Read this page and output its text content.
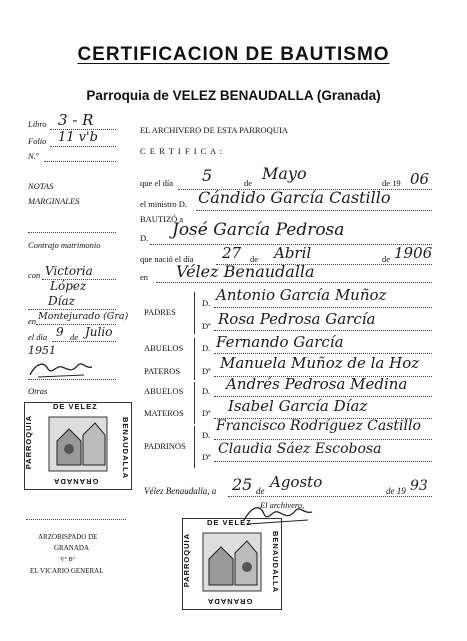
CERTIFICACION DE BAUTISMO
Parroquia de VELEZ BENAUDALLA (Granada)
Libro 3 - R
Folio 11 v'b
N.º
NOTAS
MARGINALES
Contrajo matrimonio
con Victoria
López
Díaz
en Montejurado (Gra)
el día 9 de Julio
1951
Otras
DE VELEZ
BENAUDALLA
PARROQUIA
GRANADA
ARZOBISPADO DE
GRANADA
Vº Bº
EL VICARIO GENERAL
EL ARCHIVERO DE ESTA PARROQUIA
C E R T I F I C A :
que el día 5	de Mayo	de 19 06
el ministro D. Cándido García Castillo
BAUTIZÓ a
D. José García Pedrosa
que nació el día 27 de Abril	de 1906
en Vélez Benaudalla
PADRES
D. Antonio García Muñoz
Dª Rosa Pedrosa García
ABUELOS
PATEROS
D. Fernando García
Dª Manuela Muñoz de la Hoz
ABUELOS
MATEROS
D. Andrés Pedrosa Medina
Dª Isabel García Díaz
PADRINOS
D.
Francisco Rodríguez Castillo
Dª Claudia Sáez Escobosa
Vélez Benaudalla, a 25 de Agosto	de 19 93
El archivero,
DE VELEZ
BENAUDALLA
PARROQUIA
GRANADA
